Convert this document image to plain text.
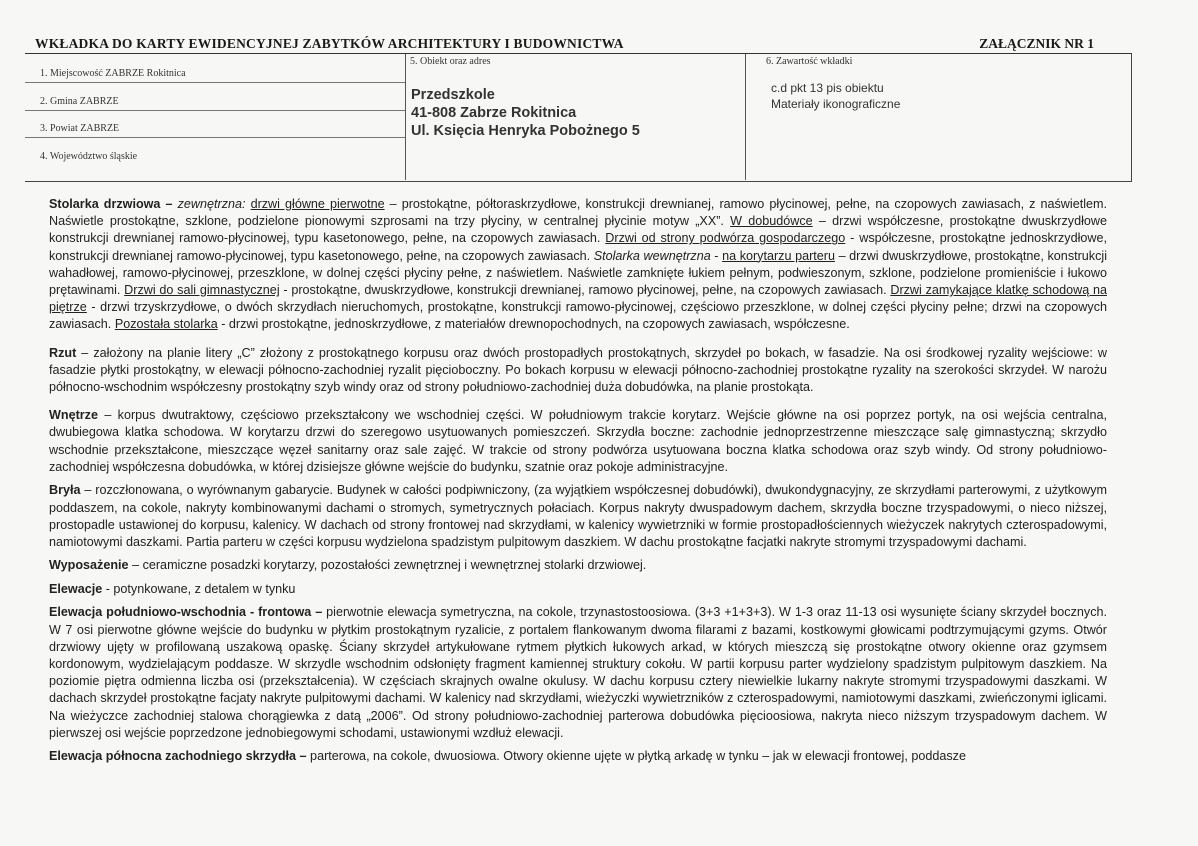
WKŁADKA DO KARTY EWIDENCYJNEJ ZABYTKÓW ARCHITEKTURY I BUDOWNICTWA	ZAŁĄCZNIK NR 1
1. Miejscowość ZABRZE Rokitnica
2. Gmina ZABRZE
3. Powiat ZABRZE
4. Województwo śląskie
5. Obiekt oraz adres
Przedszkole
41-808 Zabrze Rokitnica
Ul. Księcia Henryka Pobożnego 5
6. Zawartość wkładki
c.d pkt 13 pis obiektu
Materiały ikonograficzne

Stolarka drzwiowa – zewnętrzna: drzwi główne pierwotne – prostokątne, półtoraskrzydłowe, konstrukcji drewnianej, ramowo płycinowej, pełne, na czopowych zawiasach, z naświetlem. Naświetle prostokątne, szklone, podzielone pionowymi szprosami na trzy płyciny, w centralnej płycinie motyw „XX”. W dobudówce – drzwi współczesne, prostokątne dwuskrzydłowe konstrukcji drewnianej ramowo-płycinowej, typu kasetonowego, pełne, na czopowych zawiasach. Drzwi od strony podwórza gospodarczego - współczesne, prostokątne jednoskrzydłowe, konstrukcji drewnianej ramowo-płycinowej, typu kasetonowego, pełne, na czopowych zawiasach. Stolarka wewnętrzna - na korytarzu parteru – drzwi dwuskrzydłowe, prostokątne, konstrukcji wahadłowej, ramowo-płycinowej, przeszklone, w dolnej części płyciny pełne, z naświetlem. Naświetle zamknięte łukiem pełnym, podwieszonym, szklone, podzielone promieniście i łukowo prętawinami. Drzwi do sali gimnastycznej - prostokątne, dwuskrzydłowe, konstrukcji drewnianej, ramowo płycinowej, pełne, na czopowych zawiasach. Drzwi zamykające klatkę schodową na piętrze - drzwi trzyskrzydłowe, o dwóch skrzydłach nieruchomych, prostokątne, konstrukcji ramowo-płycinowej, częściowo przeszklone, w dolnej części płyciny pełne; drzwi na czopowych zawiasach. Pozostała stolarka - drzwi prostokątne, jednoskrzydłowe, z materiałów drewnopochodnych, na czopowych zawiasach, współczesne.

Rzut – założony na planie litery „C” złożony z prostokątnego korpusu oraz dwóch prostopadłych prostokątnych, skrzydeł po bokach, w fasadzie. Na osi środkowej ryzality wejściowe: w fasadzie płytki prostokątny, w elewacji północno-zachodniej ryzalit pięcioboczny. Po bokach korpusu w elewacji północno-zachodniej prostokątne ryzality na szerokości skrzydeł. W narożu północno-wschodnim współczesny prostokątny szyb windy oraz od strony południowo-zachodniej duża dobudówka, na planie prostokąta.

Wnętrze – korpus dwutraktowy, częściowo przekształcony we wschodniej części. W południowym trakcie korytarz. Wejście główne na osi poprzez portyk, na osi wejścia centralna, dwubiegowa klatka schodowa. W korytarzu drzwi do szeregowo usytuowanych pomieszczeń. Skrzydła boczne: zachodnie jednoprzestrzenne mieszczące salę gimnastyczną; skrzydło wschodnie przekształcone, mieszczące węzeł sanitarny oraz sale zajęć. W trakcie od strony podwórza usytuowana boczna klatka schodowa oraz szyb windy. Od strony południowo-zachodniej współczesna dobudówka, w której dzisiejsze główne wejście do budynku, szatnie oraz pokoje administracyjne.

Bryła – rozczłonowana, o wyrównanym gabarycie. Budynek w całości podpiwniczony, (za wyjątkiem współczesnej dobudówki), dwukondygnacyjny, ze skrzydłami parterowymi, z użytkowym poddaszem, na cokole, nakryty kombinowanymi dachami o stromych, symetrycznych połaciach. Korpus nakryty dwuspadowym dachem, skrzydła boczne trzyspadowymi, o nieco niższej, prostopadle ustawionej do korpusu, kalenicy. W dachach od strony frontowej nad skrzydłami, w kalenicy wywietrzniki w formie prostopadłościennych wieżyczek nakrytych czterospadowymi, namiotowymi daszkami. Partia parteru w części korpusu wydzielona spadzistym pulpitowym daszkiem. W dachu prostokątne facjatki nakryte stromymi trzyspadowymi dachami.

Wyposażenie – ceramiczne posadzki korytarzy, pozostałości zewnętrznej i wewnętrznej stolarki drzwiowej.

Elewacje - potynkowane, z detalem w tynku

Elewacja południowo-wschodnia - frontowa – pierwotnie elewacja symetryczna, na cokole, trzynastostoosiowa. (3+3 +1+3+3). W 1-3 oraz 11-13 osi wysunięte ściany skrzydeł bocznych. W 7 osi pierwotne główne wejście do budynku w płytkim prostokątnym ryzalicie, z portalem flankowanym dwoma filarami z bazami, kostkowymi głowicami podtrzymującymi gzyms. Otwór drzwiowy ujęty w profilowaną uszakową opaskę. Ściany skrzydeł artykułowane rytmem płytkich łukowych arkad, w których mieszczą się prostokątne otwory okienne oraz gzymsem kordonowym, wydzielającym poddasze. W skrzydle wschodnim odsłonięty fragment kamiennej struktury cokołu. W partii korpusu parter wydzielony spadzistym pulpitowym daszkiem. Na poziomie piętra odmienna liczba osi (przekształcenia). W częściach skrajnych owalne okulusy. W dachu korpusu cztery niewielkie lukarny nakryte stromymi trzyspadowymi daszkami. W dachach skrzydeł prostokątne facjaty nakryte pulpitowymi dachami. W kalenicy nad skrzydłami, wieżyczki wywietrzników z czterospadowymi, namiotowymi daszkami, zwieńczonymi iglicami. Na wieżyczce zachodniej stalowa chorągiewka z datą „2006”. Od strony południowo-zachodniej parterowa dobudówka pięcioosiowa, nakryta nieco niższym trzyspadowym dachem. W pierwszej osi wejście poprzedzone jednobiegowymi schodami, ustawionymi wzdłuż elewacji.

Elewacja północna zachodniego skrzydła – parterowa, na cokole, dwuosiowa. Otwory okienne ujęte w płytką arkadę w tynku – jak w elewacji frontowej, poddasze
